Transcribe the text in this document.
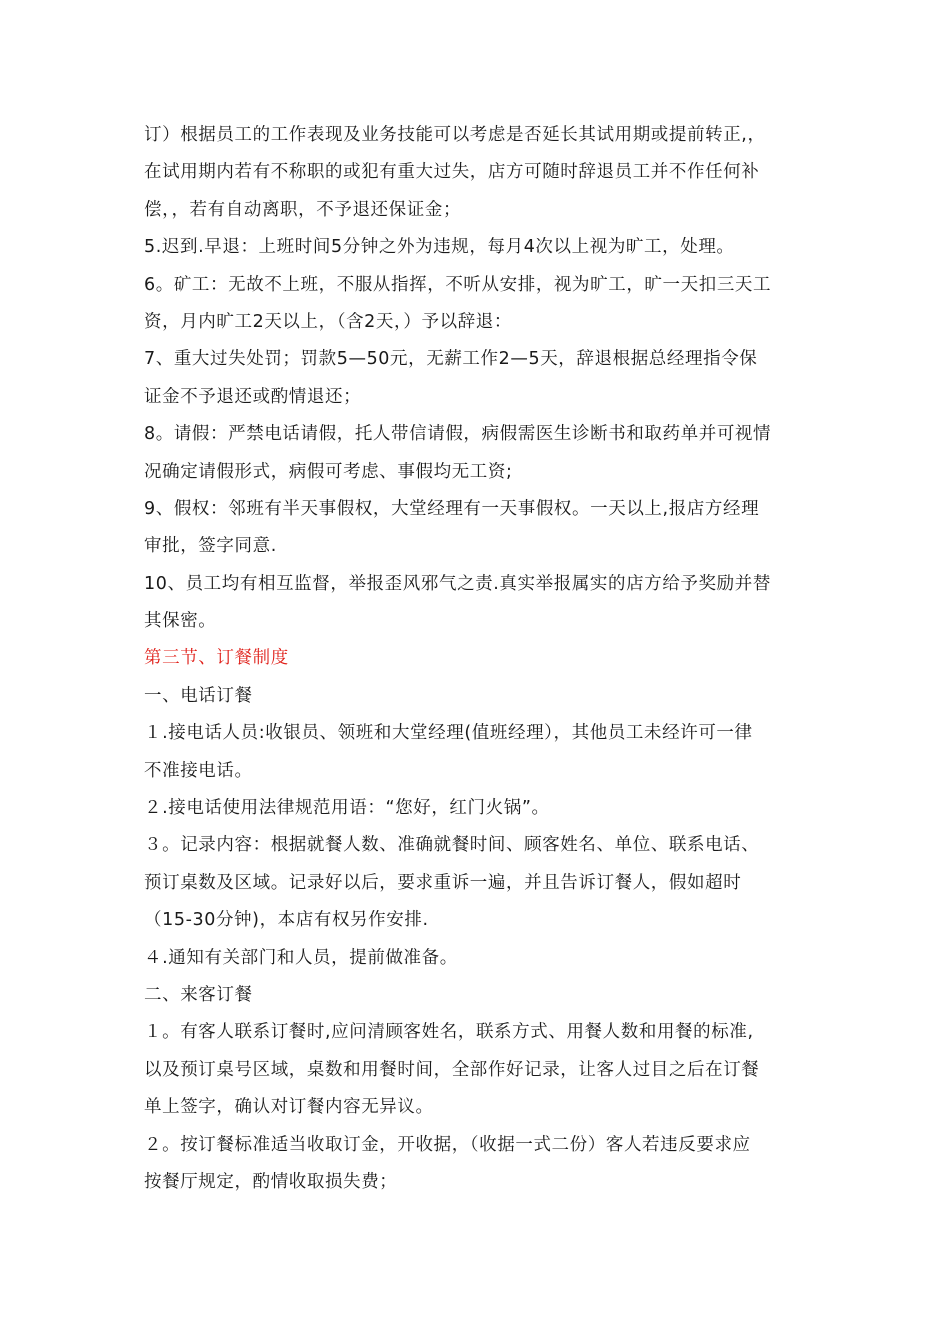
订）根据员工的工作表现及业务技能可以考虑是否延长其试用期或提前转正,，
在试用期内若有不称职的或犯有重大过失，店方可随时辞退员工并不作任何补
偿，，若有自动离职，不予退还保证金；
5.迟到.早退：上班时间5分钟之外为违规，每月4次以上视为旷工，处理。
6。矿工：无故不上班，不服从指挥，不听从安排，视为旷工，旷一天扣三天工
资，月内旷工2天以上，（含2天，）予以辞退：
7、重大过失处罚；罚款5—50元，无薪工作2—5天，辞退根据总经理指令保
证金不予退还或酌情退还；
8。请假：严禁电话请假，托人带信请假，病假需医生诊断书和取药单并可视情
况确定请假形式，病假可考虑、事假均无工资;
9、假权：邻班有半天事假权，大堂经理有一天事假权。一天以上,报店方经理
审批，签字同意.
10、员工均有相互监督，举报歪风邪气之责.真实举报属实的店方给予奖励并替
其保密。
第三节、订餐制度
一、电话订餐
１.接电话人员:收银员、领班和大堂经理(值班经理），其他员工未经许可一律
不准接电话。
２.接电话使用法律规范用语：“您好，红门火锅”。
３。记录内容：根据就餐人数、准确就餐时间、顾客姓名、单位、联系电话、
预订桌数及区域。记录好以后，要求重诉一遍，并且告诉订餐人，假如超时
（15-30分钟)，本店有权另作安排.
４.通知有关部门和人员，提前做准备。
二、来客订餐
１。有客人联系订餐时,应问清顾客姓名，联系方式、用餐人数和用餐的标准,
以及预订桌号区域，桌数和用餐时间，全部作好记录，让客人过目之后在订餐
单上签字，确认对订餐内容无异议。
２。按订餐标准适当收取订金，开收据，（收据一式二份）客人若违反要求应
按餐厅规定，酌情收取损失费；
